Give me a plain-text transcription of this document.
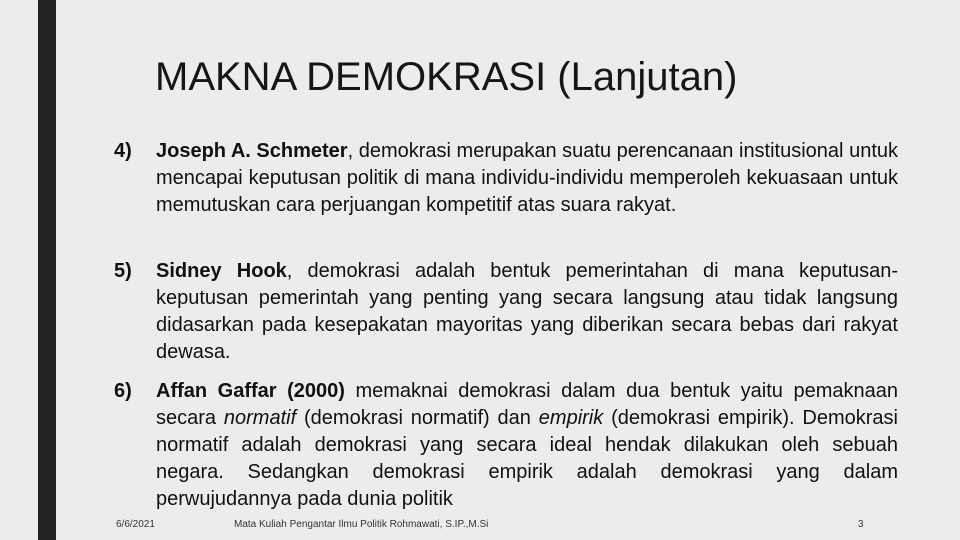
MAKNA DEMOKRASI (Lanjutan)
4) Joseph A. Schmeter, demokrasi merupakan suatu perencanaan institusional untuk mencapai keputusan politik di mana individu-individu memperoleh kekuasaan untuk memutuskan cara perjuangan kompetitif atas suara rakyat.
5) Sidney Hook, demokrasi adalah bentuk pemerintahan di mana keputusan-keputusan pemerintah yang penting yang secara langsung atau tidak langsung didasarkan pada kesepakatan mayoritas yang diberikan secara bebas dari rakyat dewasa.
6) Affan Gaffar (2000) memaknai demokrasi dalam dua bentuk yaitu pemaknaan secara normatif (demokrasi normatif) dan empirik (demokrasi empirik). Demokrasi normatif adalah demokrasi yang secara ideal hendak dilakukan oleh sebuah negara. Sedangkan demokrasi empirik adalah demokrasi yang dalam perwujudannya pada dunia politik
6/6/2021	Mata Kuliah Pengantar Ilmu Politik Rohmawati, S.IP.,M.Si	3
